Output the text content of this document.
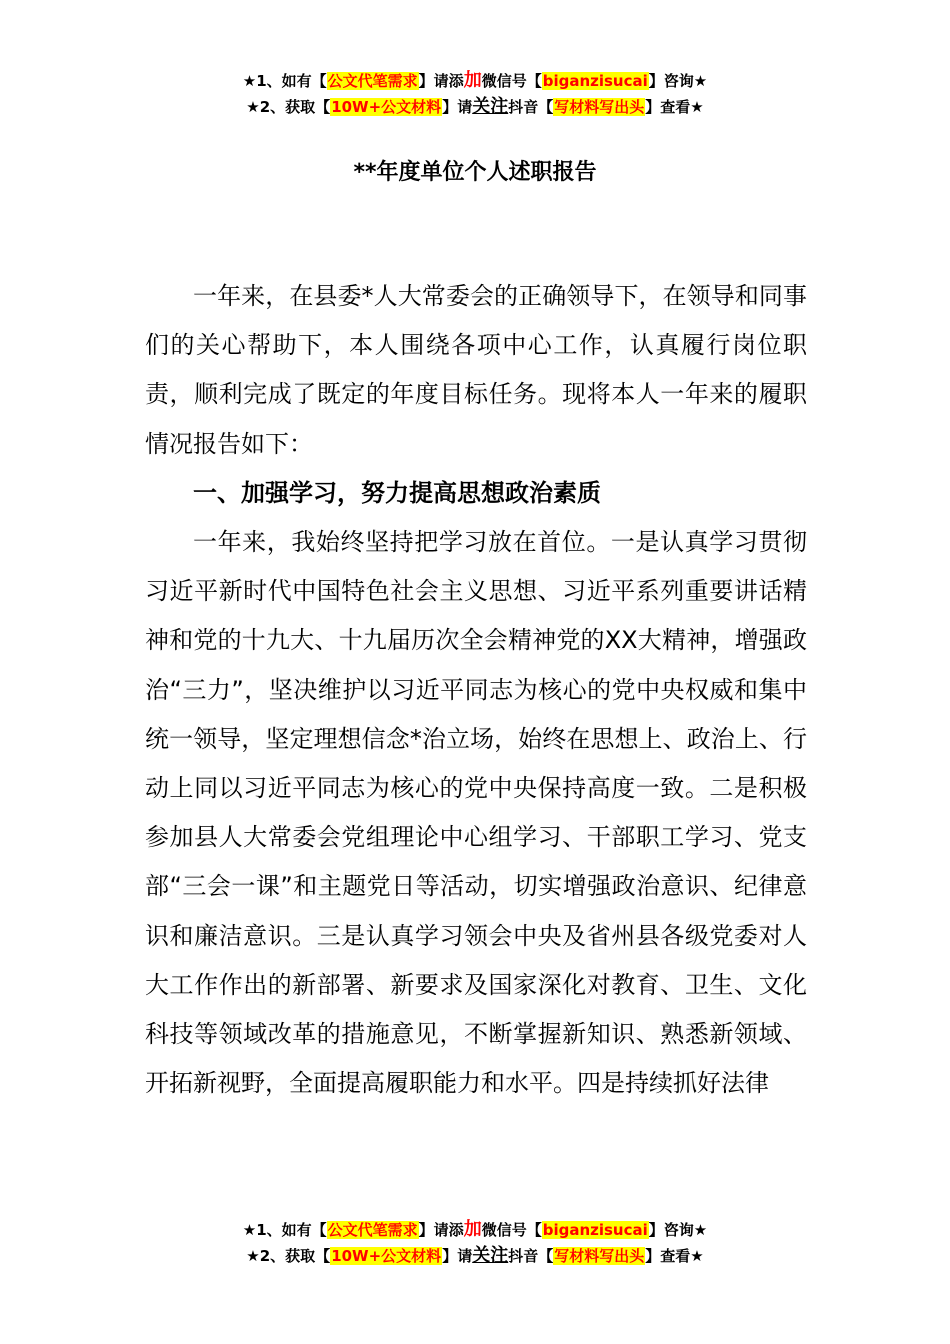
★1、如有【公文代笔需求】请添加微信号【biganzisucai】咨询★
★2、获取【10W+公文材料】请关注抖音【写材料写出头】查看★
**年度单位个人述职报告

一年来，在县委*人大常委会的正确领导下，在领导和同事们的关心帮助下，本人围绕各项中心工作，认真履行岗位职责，顺利完成了既定的年度目标任务。现将本人一年来的履职情况报告如下：

一、加强学习，努力提高思想政治素质

一年来，我始终坚持把学习放在首位。一是认真学习贯彻习近平新时代中国特色社会主义思想、习近平系列重要讲话精神和党的十九大、十九届历次全会精神党的XX大精神，增强政治“三力”，坚决维护以习近平同志为核心的党中央权威和集中统一领导，坚定理想信念*治立场，始终在思想上、政治上、行动上同以习近平同志为核心的党中央保持高度一致。二是积极参加县人大常委会党组理论中心组学习、干部职工学习、党支部“三会一课”和主题党日等活动，切实增强政治意识、纪律意识和廉洁意识。三是认真学习领会中央及省州县各级党委对人大工作作出的新部署、新要求及国家深化对教育、卫生、文化科技等领域改革的措施意见，不断掌握新知识、熟悉新领域、开拓新视野，全面提高履职能力和水平。四是持续抓好法律

★1、如有【公文代笔需求】请添加微信号【biganzisucai】咨询★
★2、获取【10W+公文材料】请关注抖音【写材料写出头】查看★
